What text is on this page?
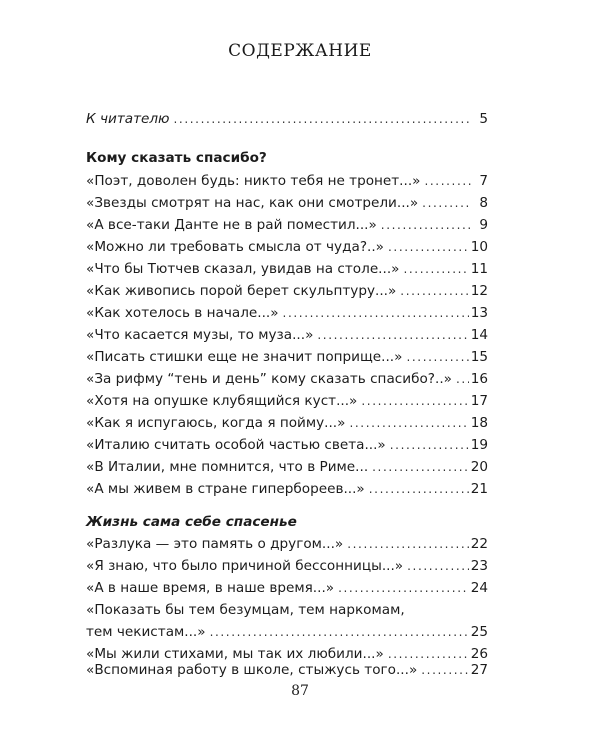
СОДЕРЖАНИЕ
К читателю .....	5
Кому сказать спасибо?
«Поэт, доволен будь: никто тебя не тронет...» .....	7
«Звезды смотрят на нас, как они смотрели...» .....	8
«А все-таки Данте не в рай поместил...» .....	9
«Можно ли требовать смысла от чуда?..» .....	10
«Что бы Тютчев сказал, увидав на столе...» .....	11
«Как живопись порой берет скульптуру...» .....	12
«Как хотелось в начале...» .....	13
«Что касается музы, то муза...» .....	14
«Писать стишки еще не значит поприще...» .....	15
«За рифму “тень и день” кому сказать спасибо?..» ..... 16
«Хотя на опушке клубящийся куст...» .....	17
«Как я испугаюсь, когда я пойму...» .....	18
«Италию считать особой частью света...» .....	19
«В Италии, мне помнится, что в Риме... .....	20
«А мы живем в стране гипербореев...» .....	21
Жизнь сама себе спасенье
«Разлука — это память о другом...» .....	22
«Я знаю, что было причиной бессонницы...» .....	23
«А в наше время, в наше время...» .....	24
«Показать бы тем безумцам, тем наркомам,
тем чекистам...» .....	25
«Мы жили стихами, мы так их любили...» .....	26
«Вспоминая работу в школе, стыжусь того...» .....	27
87
